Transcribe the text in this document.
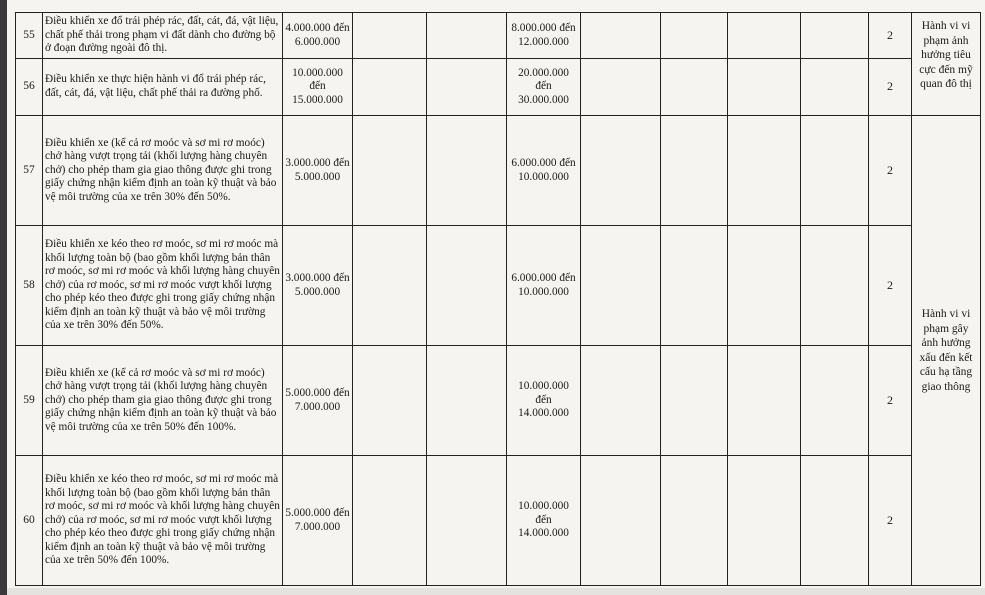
55	Điều khiển xe đổ trái phép rác, đất, cát, đá, vật liệu, chất phế thải trong phạm vi đất dành cho đường bộ ở đoạn đường ngoài đô thị.	4.000.000 đến 6.000.000			8.000.000 đến 12.000.000					2	Hành vi vi phạm ảnh hưởng tiêu cực đến mỹ quan đô thị
56	Điều khiển xe thực hiện hành vi đổ trái phép rác, đất, cát, đá, vật liệu, chất phế thải ra đường phố.	10.000.000 đến 15.000.000			20.000.000 đến 30.000.000					2	
57	Điều khiển xe (kể cả rơ moóc và sơ mi rơ moóc) chở hàng vượt trọng tải (khối lượng hàng chuyên chở) cho phép tham gia giao thông được ghi trong giấy chứng nhận kiểm định an toàn kỹ thuật và bảo vệ môi trường của xe trên 30% đến 50%.	3.000.000 đến 5.000.000			6.000.000 đến 10.000.000					2	Hành vi vi phạm gây ảnh hưởng xấu đến kết cấu hạ tầng giao thông
58	Điều khiển xe kéo theo rơ moóc, sơ mi rơ moóc mà khối lượng toàn bộ (bao gồm khối lượng bản thân rơ moóc, sơ mi rơ moóc và khối lượng hàng chuyên chở) của rơ moóc, sơ mi rơ moóc vượt khối lượng cho phép kéo theo được ghi trong giấy chứng nhận kiểm định an toàn kỹ thuật và bảo vệ môi trường của xe trên 30% đến 50%.	3.000.000 đến 5.000.000			6.000.000 đến 10.000.000					2	
59	Điều khiển xe (kể cả rơ moóc và sơ mi rơ moóc) chở hàng vượt trọng tải (khối lượng hàng chuyên chở) cho phép tham gia giao thông được ghi trong giấy chứng nhận kiểm định an toàn kỹ thuật và bảo vệ môi trường của xe trên 50% đến 100%.	5.000.000 đến 7.000.000			10.000.000 đến 14.000.000					2	
60	Điều khiển xe kéo theo rơ moóc, sơ mi rơ moóc mà khối lượng toàn bộ (bao gồm khối lượng bản thân rơ moóc, sơ mi rơ moóc và khối lượng hàng chuyên chở) của rơ moóc, sơ mi rơ moóc vượt khối lượng cho phép kéo theo được ghi trong giấy chứng nhận kiểm định an toàn kỹ thuật và bảo vệ môi trường của xe trên 50% đến 100%.	5.000.000 đến 7.000.000			10.000.000 đến 14.000.000					2	
